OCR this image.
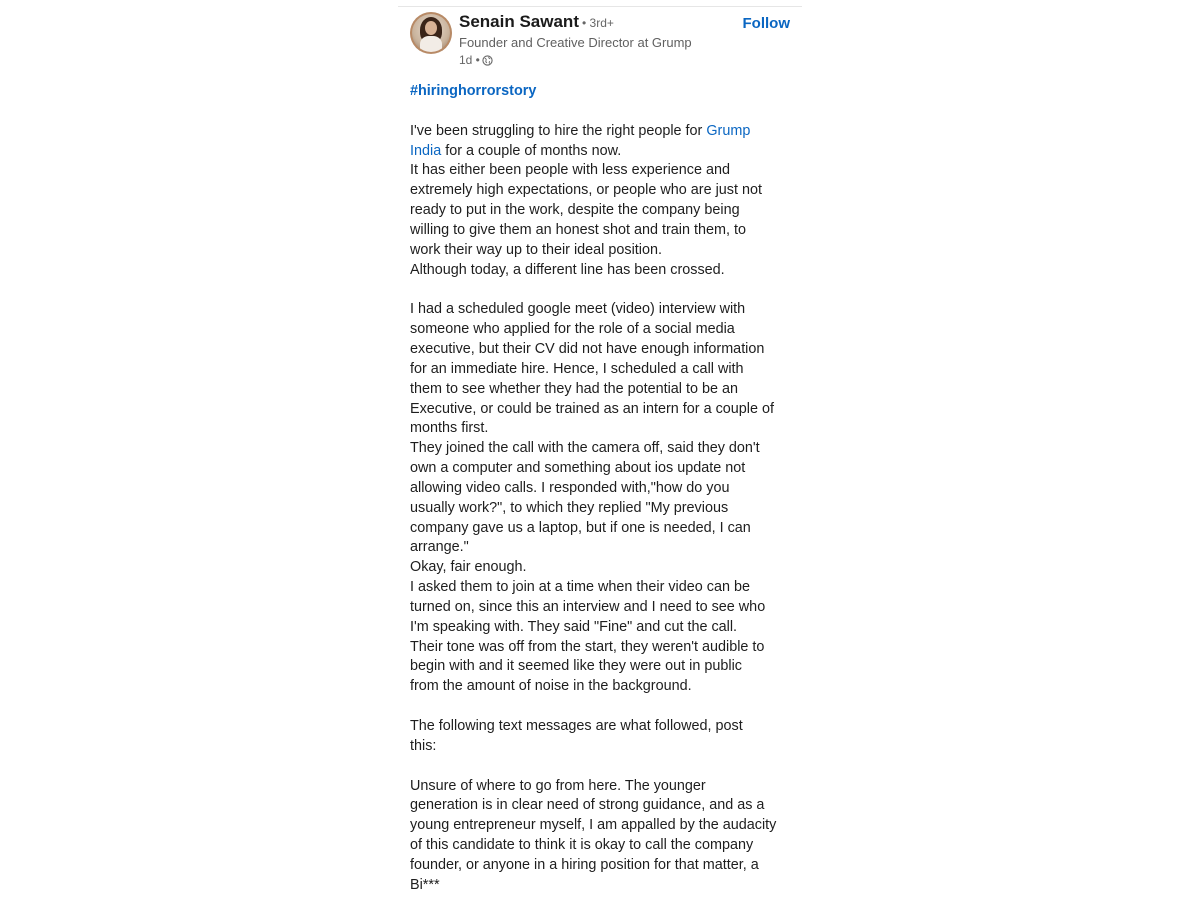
Senain Sawant • 3rd+	Follow
Founder and Creative Director at Grump
1d •

#hiringhorrorstory

I've been struggling to hire the right people for Grump

India for a couple of months now.

It has either been people with less experience and

extremely high expectations, or people who are just not

ready to put in the work, despite the company being

willing to give them an honest shot and train them, to

work their way up to their ideal position.

Although today, a different line has been crossed.

I had a scheduled google meet (video) interview with

someone who applied for the role of a social media

executive, but their CV did not have enough information

for an immediate hire. Hence, I scheduled a call with

them to see whether they had the potential to be an

Executive, or could be trained as an intern for a couple of

months first.

They joined the call with the camera off, said they don't

own a computer and something about ios update not

allowing video calls. I responded with,"how do you

usually work?", to which they replied "My previous

company gave us a laptop, but if one is needed, I can

arrange."

Okay, fair enough.

I asked them to join at a time when their video can be

turned on, since this an interview and I need to see who

I'm speaking with. They said "Fine" and cut the call.

Their tone was off from the start, they weren't audible to

begin with and it seemed like they were out in public

from the amount of noise in the background.

The following text messages are what followed, post

this:

Unsure of where to go from here. The younger

generation is in clear need of strong guidance, and as a

young entrepreneur myself, I am appalled by the audacity

of this candidate to think it is okay to call the company

founder, or anyone in a hiring position for that matter, a

Bi***
